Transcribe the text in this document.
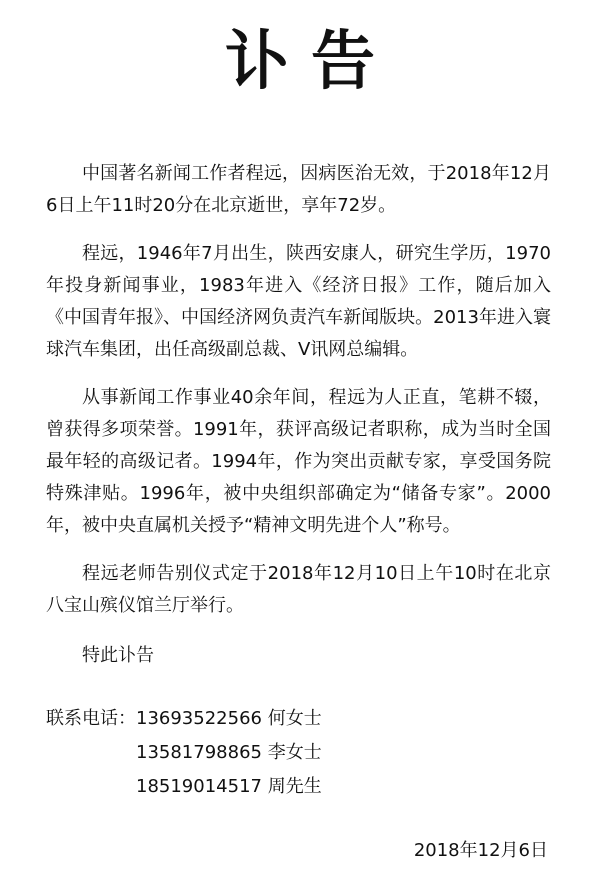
讣告

中国著名新闻工作者程远，因病医治无效，于2018年12月6日上午11时20分在北京逝世，享年72岁。

程远，1946年7月出生，陕西安康人，研究生学历，1970年投身新闻事业，1983年进入《经济日报》工作，随后加入《中国青年报》、中国经济网负责汽车新闻版块。2013年进入寰球汽车集团，出任高级副总裁、V讯网总编辑。

从事新闻工作事业40余年间，程远为人正直，笔耕不辍，曾获得多项荣誉。1991年，获评高级记者职称，成为当时全国最年轻的高级记者。1994年，作为突出贡献专家，享受国务院特殊津贴。1996年，被中央组织部确定为“储备专家”。2000年，被中央直属机关授予“精神文明先进个人”称号。

程远老师告别仪式定于2018年12月10日上午10时在北京八宝山殡仪馆兰厅举行。

特此讣告

联系电话： 13693522566 何女士
13581798865 李女士
18519014517 周先生
2018年12月6日
